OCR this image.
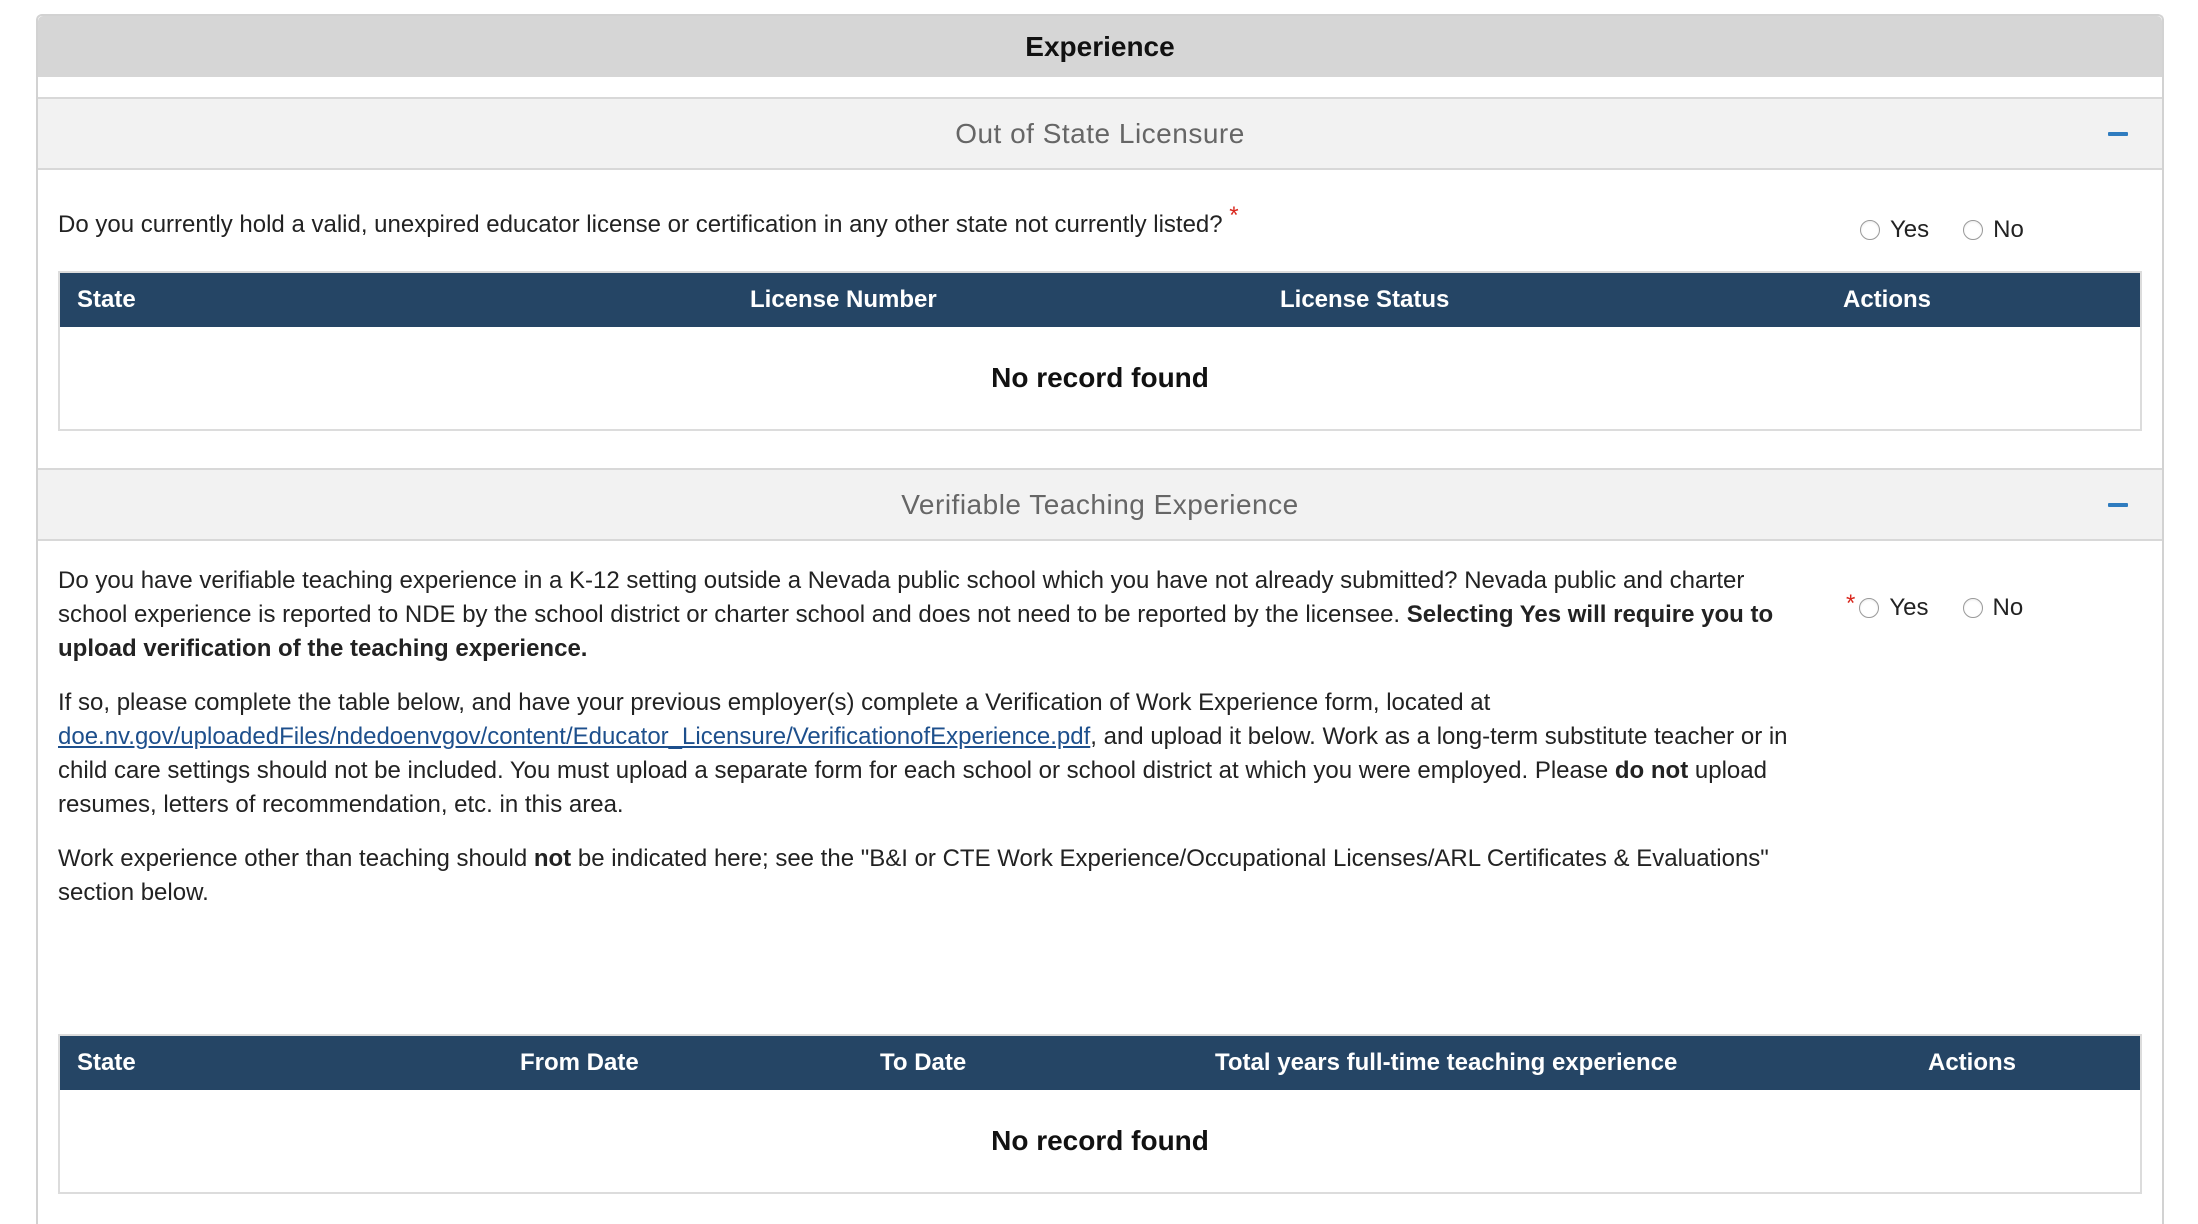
Experience
Out of State Licensure
Do you currently hold a valid, unexpired educator license or certification in any other state not currently listed? *
Yes	No
State	License Number	License Status	Actions
No record found
Verifiable Teaching Experience

Do you have verifiable teaching experience in a K-12 setting outside a Nevada public school which you have not already submitted? Nevada public and charter school experience is reported to NDE by the school district or charter school and does not need to be reported by the licensee. Selecting Yes will require you to upload verification of the teaching experience.

If so, please complete the table below, and have your previous employer(s) complete a Verification of Work Experience form, located at doe.nv.gov/uploadedFiles/ndedoenvgov/content/Educator_Licensure/VerificationofExperience.pdf, and upload it below. Work as a long-term substitute teacher or in child care settings should not be included. You must upload a separate form for each school or school district at which you were employed. Please do not upload resumes, letters of recommendation, etc. in this area.

Work experience other than teaching should not be indicated here; see the "B&I or CTE Work Experience/Occupational Licenses/ARL Certificates & Evaluations" section below.

* Yes	No
State	From Date	To Date	Total years full-time teaching experience	Actions
No record found
